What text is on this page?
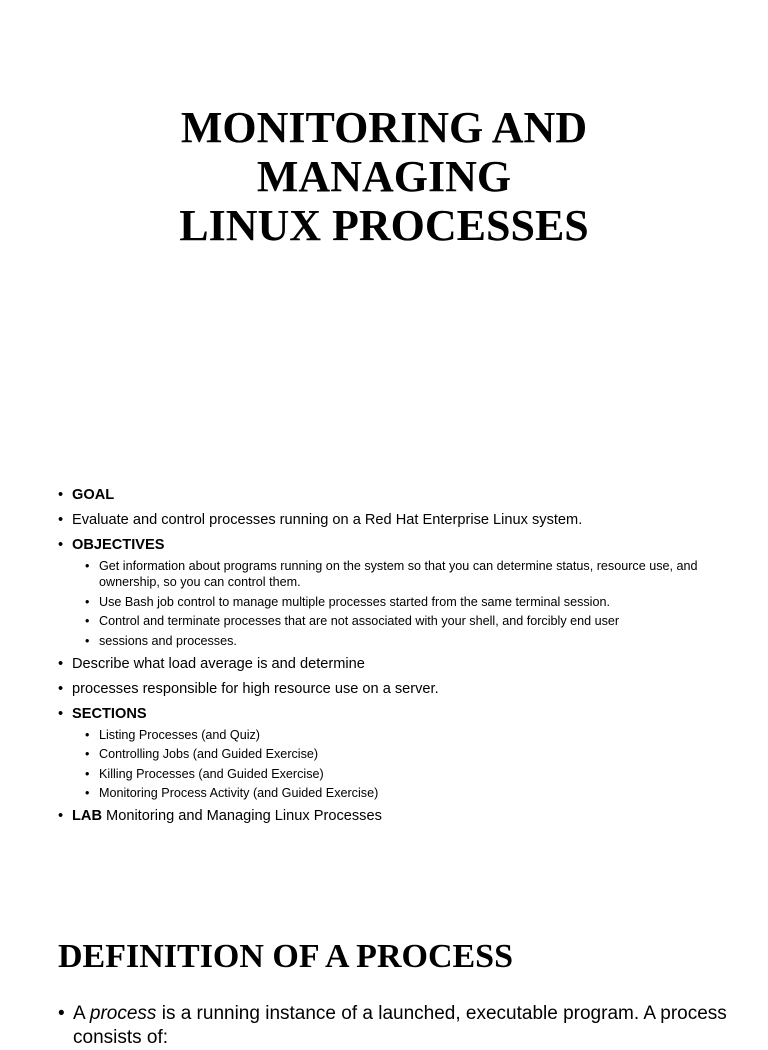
MONITORING AND
MANAGING
LINUX PROCESSES
• GOAL
• Evaluate and control processes running on a Red Hat Enterprise Linux system.
• OBJECTIVES
• Get information about programs running on the system so that you can determine status, resource use, and ownership, so you can control them.
• Use Bash job control to manage multiple processes started from the same terminal session.
• Control and terminate processes that are not associated with your shell, and forcibly end user
• sessions and processes.
• Describe what load average is and determine
• processes responsible for high resource use on a server.
• SECTIONS
• Listing Processes (and Quiz)
• Controlling Jobs (and Guided Exercise)
• Killing Processes (and Guided Exercise)
• Monitoring Process Activity (and Guided Exercise)
• LAB Monitoring and Managing Linux Processes
DEFINITION OF A PROCESS

• A process is a running instance of a launched, executable program. A process consists of:
